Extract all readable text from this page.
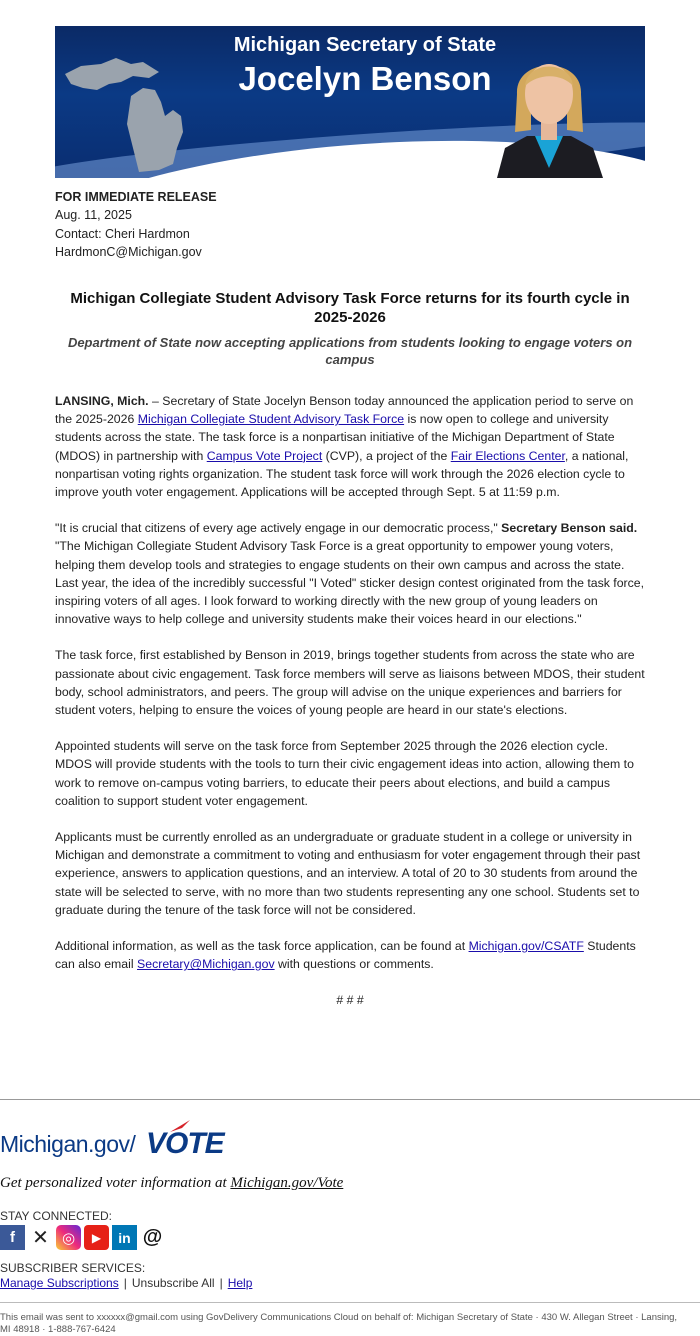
Michigan Secretary of State
Jocelyn Benson
FOR IMMEDIATE RELEASE
Aug. 11, 2025
Contact: Cheri Hardmon
HardmonC@Michigan.gov
Michigan Collegiate Student Advisory Task Force returns for its fourth cycle in 2025-2026
Department of State now accepting applications from students looking to engage voters on campus

LANSING, Mich. – Secretary of State Jocelyn Benson today announced the application period to serve on the 2025-2026 Michigan Collegiate Student Advisory Task Force is now open to college and university students across the state. The task force is a nonpartisan initiative of the Michigan Department of State (MDOS) in partnership with Campus Vote Project (CVP), a project of the Fair Elections Center, a national, nonpartisan voting rights organization. The student task force will work through the 2026 election cycle to improve youth voter engagement. Applications will be accepted through Sept. 5 at 11:59 p.m.

"It is crucial that citizens of every age actively engage in our democratic process," Secretary Benson said. "The Michigan Collegiate Student Advisory Task Force is a great opportunity to empower young voters, helping them develop tools and strategies to engage students on their own campus and across the state. Last year, the idea of the incredibly successful "I Voted" sticker design contest originated from the task force, inspiring voters of all ages. I look forward to working directly with the new group of young leaders on innovative ways to help college and university students make their voices heard in our elections."

The task force, first established by Benson in 2019, brings together students from across the state who are passionate about civic engagement. Task force members will serve as liaisons between MDOS, their student body, school administrators, and peers. The group will advise on the unique experiences and barriers for student voters, helping to ensure the voices of young people are heard in our state's elections.

Appointed students will serve on the task force from September 2025 through the 2026 election cycle. MDOS will provide students with the tools to turn their civic engagement ideas into action, allowing them to work to remove on-campus voting barriers, to educate their peers about elections, and build a campus coalition to support student voter engagement.

Applicants must be currently enrolled as an undergraduate or graduate student in a college or university in Michigan and demonstrate a commitment to voting and enthusiasm for voter engagement through their past experience, answers to application questions, and an interview. A total of 20 to 30 students from around the state will be selected to serve, with no more than two students representing any one school. Students set to graduate during the tenure of the task force will not be considered.

Additional information, as well as the task force application, can be found at Michigan.gov/CSATF Students can also email Secretary@Michigan.gov with questions or comments.

# # #
Michigan.gov/ VOTE
Get personalized voter information at Michigan.gov/Vote
STAY CONNECTED:
f ✕ ◎	▶	in @
SUBSCRIBER SERVICES:
Manage Subscriptions | Unsubscribe All | Help
This email was sent to xxxxxx@gmail.com using GovDelivery Communications Cloud on behalf of: Michigan Secretary of State · 430 W. Allegan Street · Lansing, MI 48918 · 1-888-767-6424
